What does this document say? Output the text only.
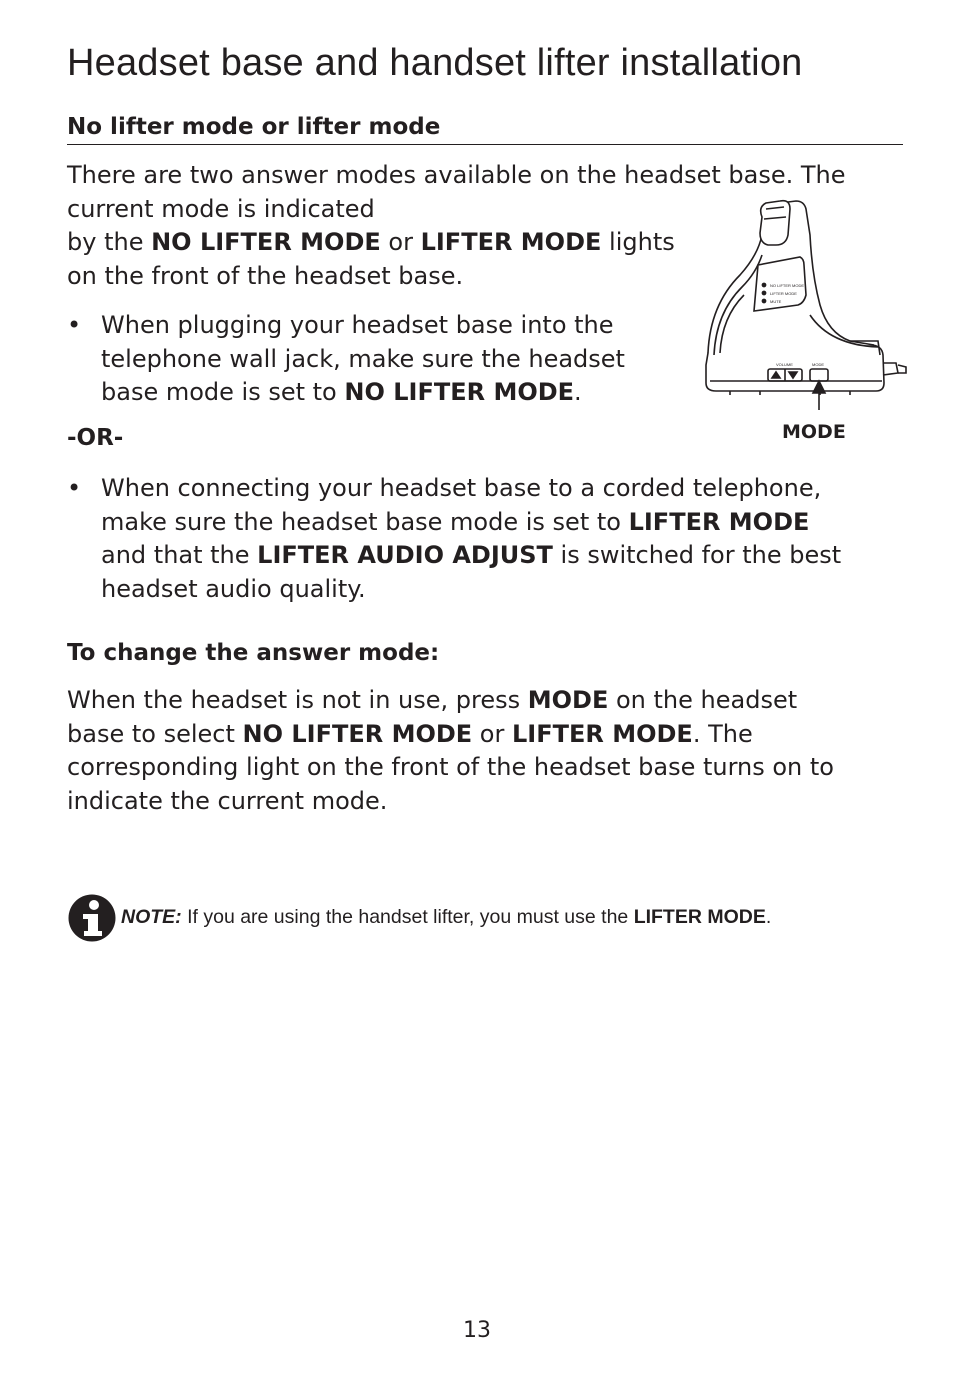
Headset base and handset lifter installation
No lifter mode or lifter mode

There are two answer modes available on the headset base. The
current mode is indicated
by the NO LIFTER MODE or LIFTER MODE lights
on the front of the headset base.

• When plugging your headset base into the
telephone wall jack, make sure the headset
base mode is set to NO LIFTER MODE.

-OR-

NO LIFTER MODE
LIFTER MODE
MUTE
VOLUME	MODE
MODE
• When connecting your headset base to a corded telephone,
make sure the headset base mode is set to LIFTER MODE
and that the LIFTER AUDIO ADJUST is switched for the best
headset audio quality.
To change the answer mode:

When the headset is not in use, press MODE on the headset
base to select NO LIFTER MODE or LIFTER MODE. The
corresponding light on the front of the headset base turns on to
indicate the current mode.

NOTE: If you are using the handset lifter, you must use the LIFTER MODE.

13
